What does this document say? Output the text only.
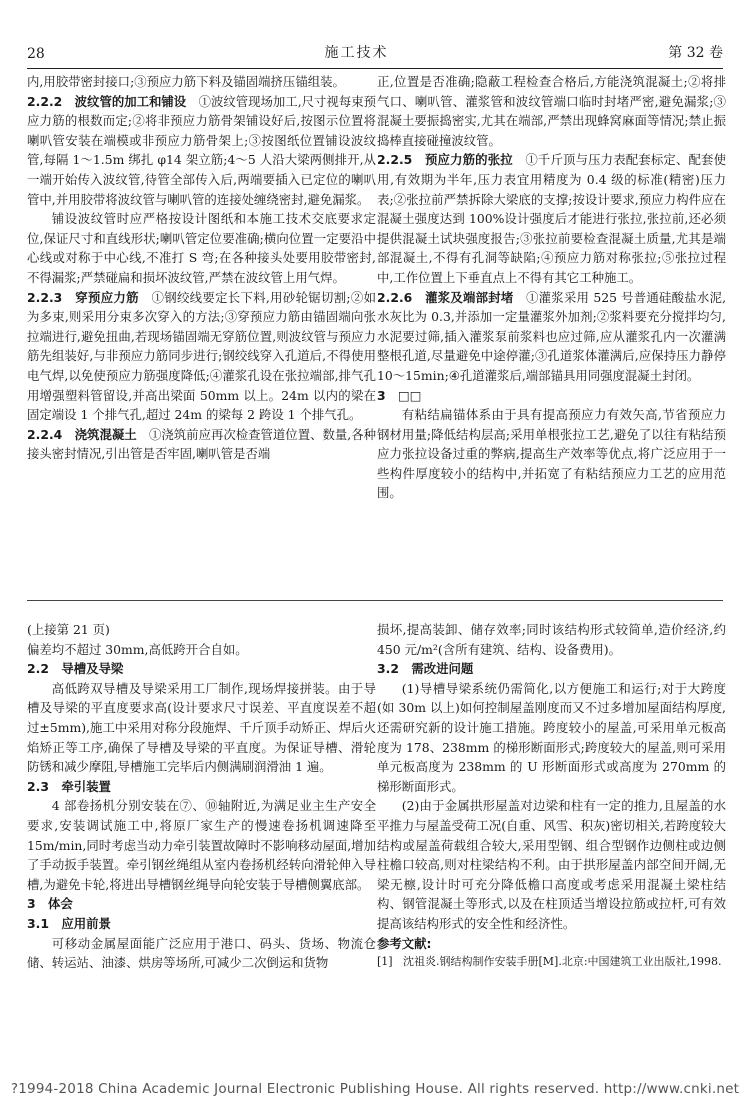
28	施工技术	第 32 卷

内,用胶带密封接口;③预应力筋下料及锚固端挤压锚组装。

2.2.2　波纹管的加工和铺设　①波纹管现场加工,尺寸视每束预应力筋的根数而定;②将非预应力筋骨架铺设好后,按图示位置将喇叭管安装在端模或非预应力筋骨架上;③按图纸位置铺设波纹管,每隔 1～1.5m 绑扎 φ14 架立筋;4～5 人沿大梁两侧排开,从一端开始传入波纹管,待管全部传入后,两端要插入已定位的喇叭管中,并用胶带将波纹管与喇叭管的连接处缠绕密封,避免漏浆。

铺设波纹管时应严格按设计图纸和本施工技术交底要求定位,保证尺寸和直线形状;喇叭管定位要准确;横向位置一定要沿中心线或对称于中心线,不准打 S 弯;在各种接头处要用胶带密封,不得漏浆;严禁碰扁和损坏波纹管,严禁在波纹管上用气焊。

2.2.3　穿预应力筋　①钢绞线要定长下料,用砂轮锯切割;②如为多束,则采用分束多次穿入的方法;③穿预应力筋由锚固端向张拉端进行,避免扭曲,若现场锚固端无穿筋位置,则波纹管与预应力筋先组装好,与非预应力筋同步进行;钢绞线穿入孔道后,不得使用电气焊,以免使预应力筋强度降低;④灌浆孔设在张拉端部,排气孔用增强塑料管留设,并高出梁面 50mm 以上。24m 以内的梁在固定端设 1 个排气孔,超过 24m 的梁每 2 跨设 1 个排气孔。

2.2.4　浇筑混凝土　①浇筑前应再次检查管道位置、数量,各种接头密封情况,引出管是否牢固,喇叭管是否端

正,位置是否准确;隐蔽工程检查合格后,方能浇筑混凝土;②将排气口、喇叭管、灌浆管和波纹管端口临时封堵严密,避免漏浆;③混凝土要振捣密实,尤其在端部,严禁出现蜂窝麻面等情况;禁止振捣棒直接碰撞波纹管。

2.2.5　预应力筋的张拉　①千斤顶与压力表配套标定、配套使用,有效期为半年,压力表宜用精度为 0.4 级的标准(精密)压力表;②张拉前严禁拆除大梁底的支撑;按设计要求,预应力构件应在混凝土强度达到 100%设计强度后才能进行张拉,张拉前,还必须提供混凝土试块强度报告;③张拉前要检查混凝土质量,尤其是端部混凝土,不得有孔洞等缺陷;④预应力筋对称张拉;⑤张拉过程中,工作位置上下垂直点上不得有其它工种施工。

2.2.6　灌浆及端部封堵　①灌浆采用 525 号普通硅酸盐水泥,水灰比为 0.3,并添加一定量灌浆外加剂;②浆料要充分搅拌均匀,水泥要过筛,插入灌浆泵前浆料也应过筛,应从灌浆孔内一次灌满整根孔道,尽量避免中途停灌;③孔道浆体灌满后,应保持压力静停 10～15min;④孔道灌浆后,端部锚具用同强度混凝土封闭。

3　□□

有粘结扁锚体系由于具有提高预应力有效矢高,节省预应力钢材用量;降低结构层高;采用单根张拉工艺,避免了以往有粘结预应力张拉设备过重的弊病,提高生产效率等优点,将广泛应用于一些构件厚度较小的结构中,并拓宽了有粘结预应力工艺的应用范围。

(上接第 21 页)

偏差均不超过 30mm,高低跨开合自如。

2.2　导槽及导梁

高低跨双导槽及导梁采用工厂制作,现场焊接拼装。由于导槽及导梁的平直度要求高(设计要求尺寸误差、平直度误差不超过±5mm),施工中采用对称分段施焊、千斤顶手动矫正、焊后火焰矫正等工序,确保了导槽及导梁的平直度。为保证导槽、滑轮防锈和减少摩阻,导槽施工完毕后内侧满刷润滑油 1 遍。

2.3　牵引装置

4 部卷扬机分别安装在⑦、⑩轴附近,为满足业主生产安全要求,安装调试施工中,将原厂家生产的慢速卷扬机调速降至 15m/min,同时考虑当动力牵引装置故障时不影响移动屋面,增加了手动扳手装置。牵引钢丝绳组从室内卷扬机经转向滑轮伸入导槽,为避免卡轮,将进出导槽钢丝绳导向轮安装于导槽侧翼底部。

3　体会

3.1　应用前景

可移动金属屋面能广泛应用于港口、码头、货场、物流仓储、转运站、油漆、烘房等场所,可减少二次倒运和货物

损坏,提高装卸、储存效率;同时该结构形式较简单,造价经济,约 450 元/m²(含所有建筑、结构、设备费用)。

3.2　需改进问题

(1)导槽导梁系统仍需简化,以方便施工和运行;对于大跨度(如 30m 以上)如何控制屋盖刚度而又不过多增加屋面结构厚度,还需研究新的设计施工措施。跨度较小的屋盖,可采用单元板高度为 178、238mm 的梯形断面形式;跨度较大的屋盖,则可采用单元板高度为 238mm 的 U 形断面形式或高度为 270mm 的梯形断面形式。

(2)由于金属拱形屋盖对边梁和柱有一定的推力,且屋盖的水平推力与屋盖受荷工况(自重、风雪、积灰)密切相关,若跨度较大结构或屋盖荷载组合较大,采用型钢、组合型钢作边侧柱或边侧柱檐口较高,则对柱梁结构不利。由于拱形屋盖内部空间开阔,无梁无檩,设计时可充分降低檐口高度或考虑采用混凝土梁柱结构、钢管混凝土等形式,以及在柱顶适当增设拉筋或拉杆,可有效提高该结构形式的安全性和经济性。

参考文献:

[1] 沈祖炎.钢结构制作安装手册[M].北京:中国建筑工业出版社,1998.
?1994-2018 China Academic Journal Electronic Publishing House. All rights reserved. http://www.cnki.net
